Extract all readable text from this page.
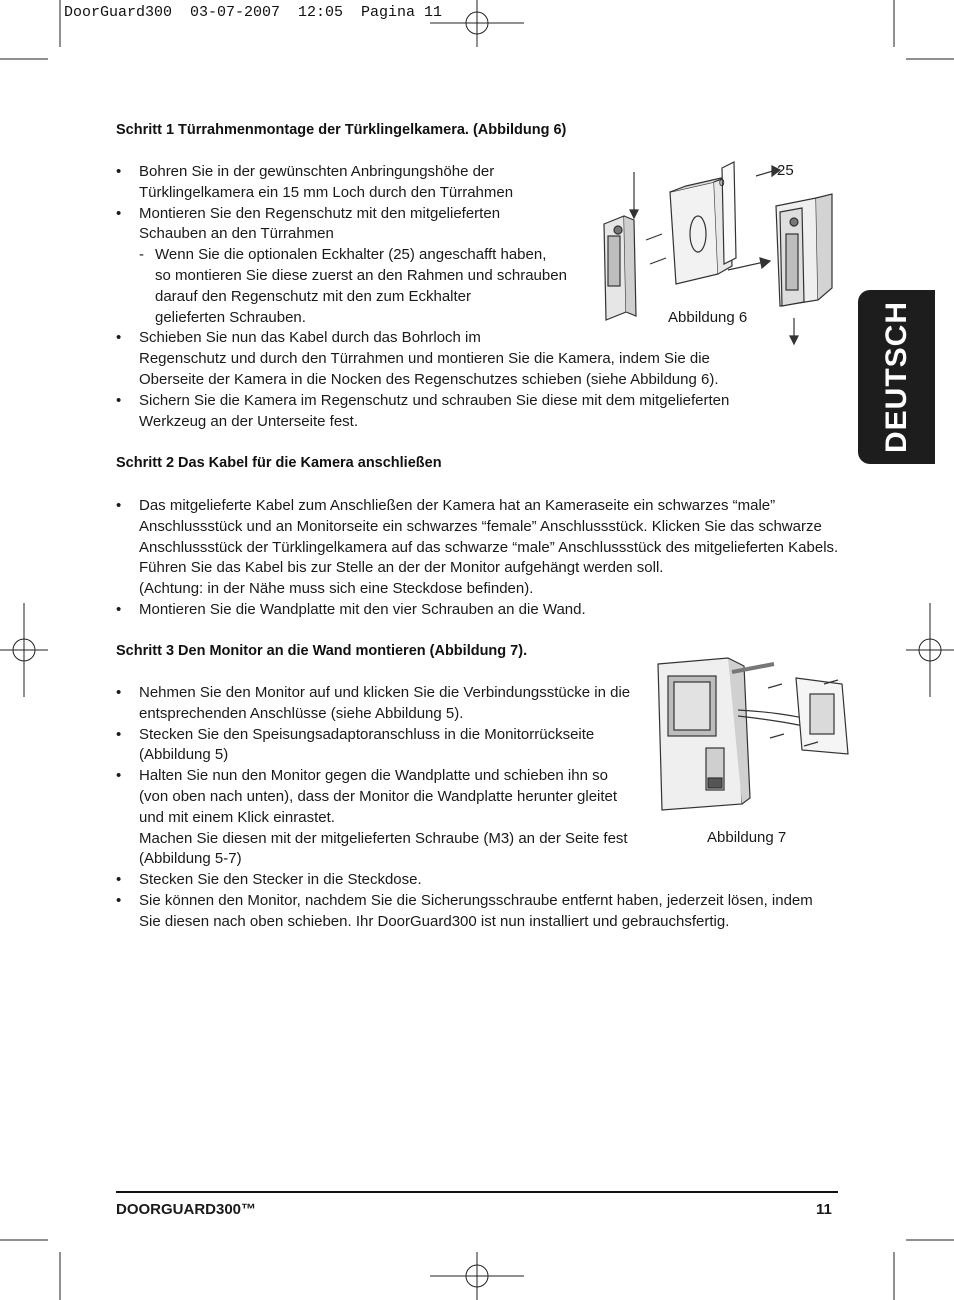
DoorGuard300  03-07-2007  12:05  Pagina 11
DEUTSCH
Schritt 1 Türrahmenmontage der Türklingelkamera. (Abbildung 6)
• Bohren Sie in der gewünschten Anbringungshöhe der
Türklingelkamera ein 15 mm Loch durch den Türrahmen
• Montieren Sie den Regenschutz mit den mitgelieferten
Schauben an den Türrahmen
- Wenn Sie die optionalen Eckhalter (25) angeschafft haben,
so montieren Sie diese zuerst an den Rahmen und schrauben
darauf den Regenschutz mit den zum Eckhalter
gelieferten Schrauben.
• Schieben Sie nun das Kabel durch das Bohrloch im
Regenschutz und durch den Türrahmen und montieren Sie die Kamera, indem Sie die
Oberseite der Kamera in die Nocken des Regenschutzes schieben (siehe Abbildung 6).
• Sichern Sie die Kamera im Regenschutz und schrauben Sie diese mit dem mitgelieferten
Werkzeug an der Unterseite fest.
0
25
Abbildung 6
Schritt 2 Das Kabel für die Kamera anschließen
• Das mitgelieferte Kabel zum Anschließen der Kamera hat an Kameraseite ein schwarzes “male”
Anschlussstück und an Monitorseite ein schwarzes “female” Anschlussstück. Klicken Sie das schwarze
Anschlussstück der Türklingelkamera auf das schwarze “male” Anschlussstück des mitgelieferten Kabels.
Führen Sie das Kabel bis zur Stelle an der der Monitor aufgehängt werden soll.
(Achtung: in der Nähe muss sich eine Steckdose befinden).
• Montieren Sie die Wandplatte mit den vier Schrauben an die Wand.
Schritt 3 Den Monitor an die Wand montieren (Abbildung 7).
• Nehmen Sie den Monitor auf und klicken Sie die Verbindungsstücke in die
entsprechenden Anschlüsse (siehe Abbildung 5).
• Stecken Sie den Speisungsadaptoranschluss in die Monitorrückseite
(Abbildung 5)
• Halten Sie nun den Monitor gegen die Wandplatte und schieben ihn so
(von oben nach unten), dass der Monitor die Wandplatte herunter gleitet
und mit einem Klick einrastet.
Machen Sie diesen mit der mitgelieferten Schraube (M3) an der Seite fest
(Abbildung 5-7)
• Stecken Sie den Stecker in die Steckdose.
• Sie können den Monitor, nachdem Sie die Sicherungsschraube entfernt haben, jederzeit lösen, indem
Sie diesen nach oben schieben. Ihr DoorGuard300 ist nun installiert und gebrauchsfertig.
Abbildung 7
DOORGUARD300™	11
